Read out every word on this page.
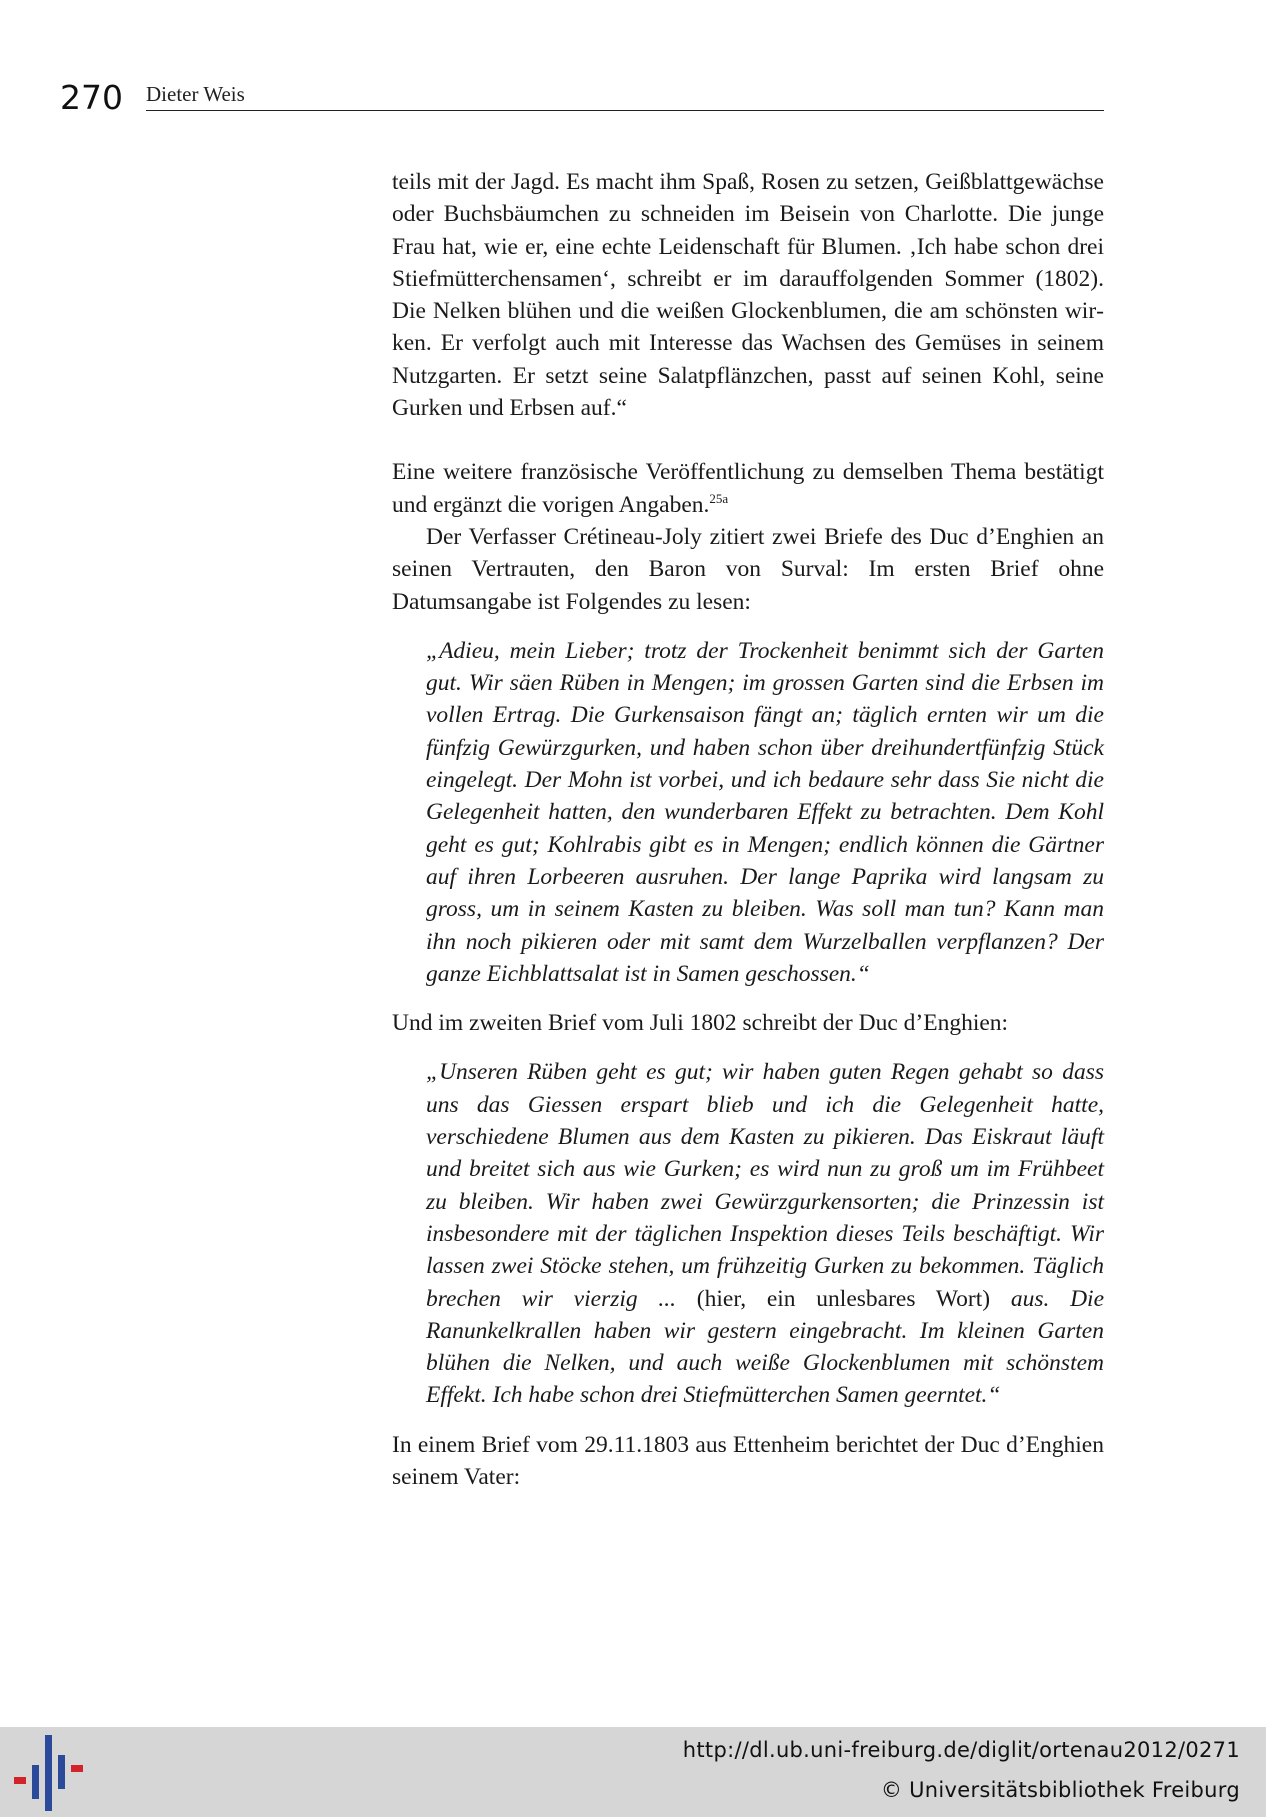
270 Dieter Weis

teils mit der Jagd. Es macht ihm Spaß, Rosen zu setzen, Geißblattgewächse oder Buchsbäumchen zu schneiden im Beisein von Charlotte. Die junge Frau hat, wie er, eine echte Leidenschaft für Blumen. ‚Ich habe schon drei Stiefmütterchensamen‘, schreibt er im darauffolgenden Sommer (1802). Die Nelken blühen und die weißen Glockenblumen, die am schönsten wirken. Er verfolgt auch mit Interesse das Wachsen des Gemüses in seinem Nutzgarten. Er setzt seine Salatpflänzchen, passt auf seinen Kohl, seine Gurken und Erbsen auf.“

Eine weitere französische Veröffentlichung zu demselben Thema bestätigt und ergänzt die vorigen Angaben.$^{25a}$

Der Verfasser Crétineau-Joly zitiert zwei Briefe des Duc d’Enghien an seinen Vertrauten, den Baron von Surval: Im ersten Brief ohne Datumsangabe ist Folgendes zu lesen:

„Adieu, mein Lieber; trotz der Trockenheit benimmt sich der Garten gut. Wir säen Rüben in Mengen; im grossen Garten sind die Erbsen im vollen Ertrag. Die Gurkensaison fängt an; täglich ernten wir um die fünfzig Gewürzgurken, und haben schon über dreihundertfünfzig Stück eingelegt. Der Mohn ist vorbei, und ich bedaure sehr dass Sie nicht die Gelegenheit hatten, den wunderbaren Effekt zu betrachten. Dem Kohl geht es gut; Kohlrabis gibt es in Mengen; endlich können die Gärtner auf ihren Lorbeeren ausruhen. Der lange Paprika wird langsam zu gross, um in seinem Kasten zu bleiben. Was soll man tun? Kann man ihn noch pikieren oder mit samt dem Wurzelballen verpflanzen? Der ganze Eichblattsalat ist in Samen geschossen.“

Und im zweiten Brief vom Juli 1802 schreibt der Duc d’Enghien:

„Unseren Rüben geht es gut; wir haben guten Regen gehabt so dass uns das Giessen erspart blieb und ich die Gelegenheit hatte, verschiedene Blumen aus dem Kasten zu pikieren. Das Eiskraut läuft und breitet sich aus wie Gurken; es wird nun zu groß um im Frühbeet zu bleiben. Wir haben zwei Gewürzgurkensorten; die Prinzessin ist insbesondere mit der täglichen Inspektion dieses Teils beschäftigt. Wir lassen zwei Stöcke stehen, um frühzeitig Gurken zu bekommen. Täglich brechen wir vierzig ... (hier, ein unlesbares Wort) aus. Die Ranunkelkrallen haben wir gestern eingebracht. Im kleinen Garten blühen die Nelken, und auch weiße Glockenblumen mit schönstem Effekt. Ich habe schon drei Stiefmütterchen Samen geerntet.“

In einem Brief vom 29.11.1803 aus Ettenheim berichtet der Duc d’Enghien seinem Vater:

http://dl.ub.uni-freiburg.de/diglit/ortenau2012/0271
© Universitätsbibliothek Freiburg
